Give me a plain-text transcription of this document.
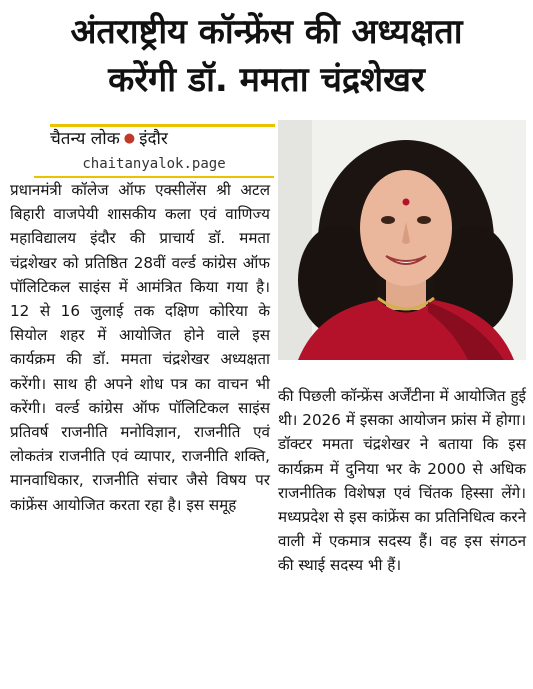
अंतराष्ट्रीय कॉन्फ्रेंस की अध्यक्षता
करेंगी डॉ. ममता चंद्रशेखर
चैतन्य लोक ● इंदौर
chaitanyalok.page
प्रधानमंत्री कॉलेज ऑफ एक्सीलेंस श्री अटल बिहारी वाजपेयी शासकीय कला एवं वाणिज्य महाविद्यालय इंदौर की प्राचार्य डॉ. ममता चंद्रशेखर को प्रतिष्ठित 28वीं वर्ल्ड कांग्रेस ऑफ पॉलिटिकल साइंस में आमंत्रित किया गया है। 12 से 16 जुलाई तक दक्षिण कोरिया के सियोल शहर में आयोजित होने वाले इस कार्यक्रम की डॉ. ममता चंद्रशेखर अध्यक्षता करेंगी। साथ ही अपने शोध पत्र का वाचन भी करेंगी। वर्ल्ड कांग्रेस ऑफ पॉलिटिकल साइंस प्रतिवर्ष राजनीति मनोविज्ञान, राजनीति एवं लोकतंत्र राजनीति एवं व्यापार, राजनीति शक्ति, मानवाधिकार, राजनीति संचार जैसे विषय पर कांफ्रेंस आयोजित करता रहा है। इस समूह
की पिछली कॉन्फ्रेंस अर्जेंटीना में आयोजित हुई थी। 2026 में इसका आयोजन फ्रांस में होगा। डॉक्टर ममता चंद्रशेखर ने बताया कि इस कार्यक्रम में दुनिया भर के 2000 से अधिक राजनीतिक विशेषज्ञ एवं चिंतक हिस्सा लेंगे। मध्यप्रदेश से इस कांफ्रेंस का प्रतिनिधित्व करने वाली में एकमात्र सदस्य हैं। वह इस संगठन की स्थाई सदस्य भी हैं।
